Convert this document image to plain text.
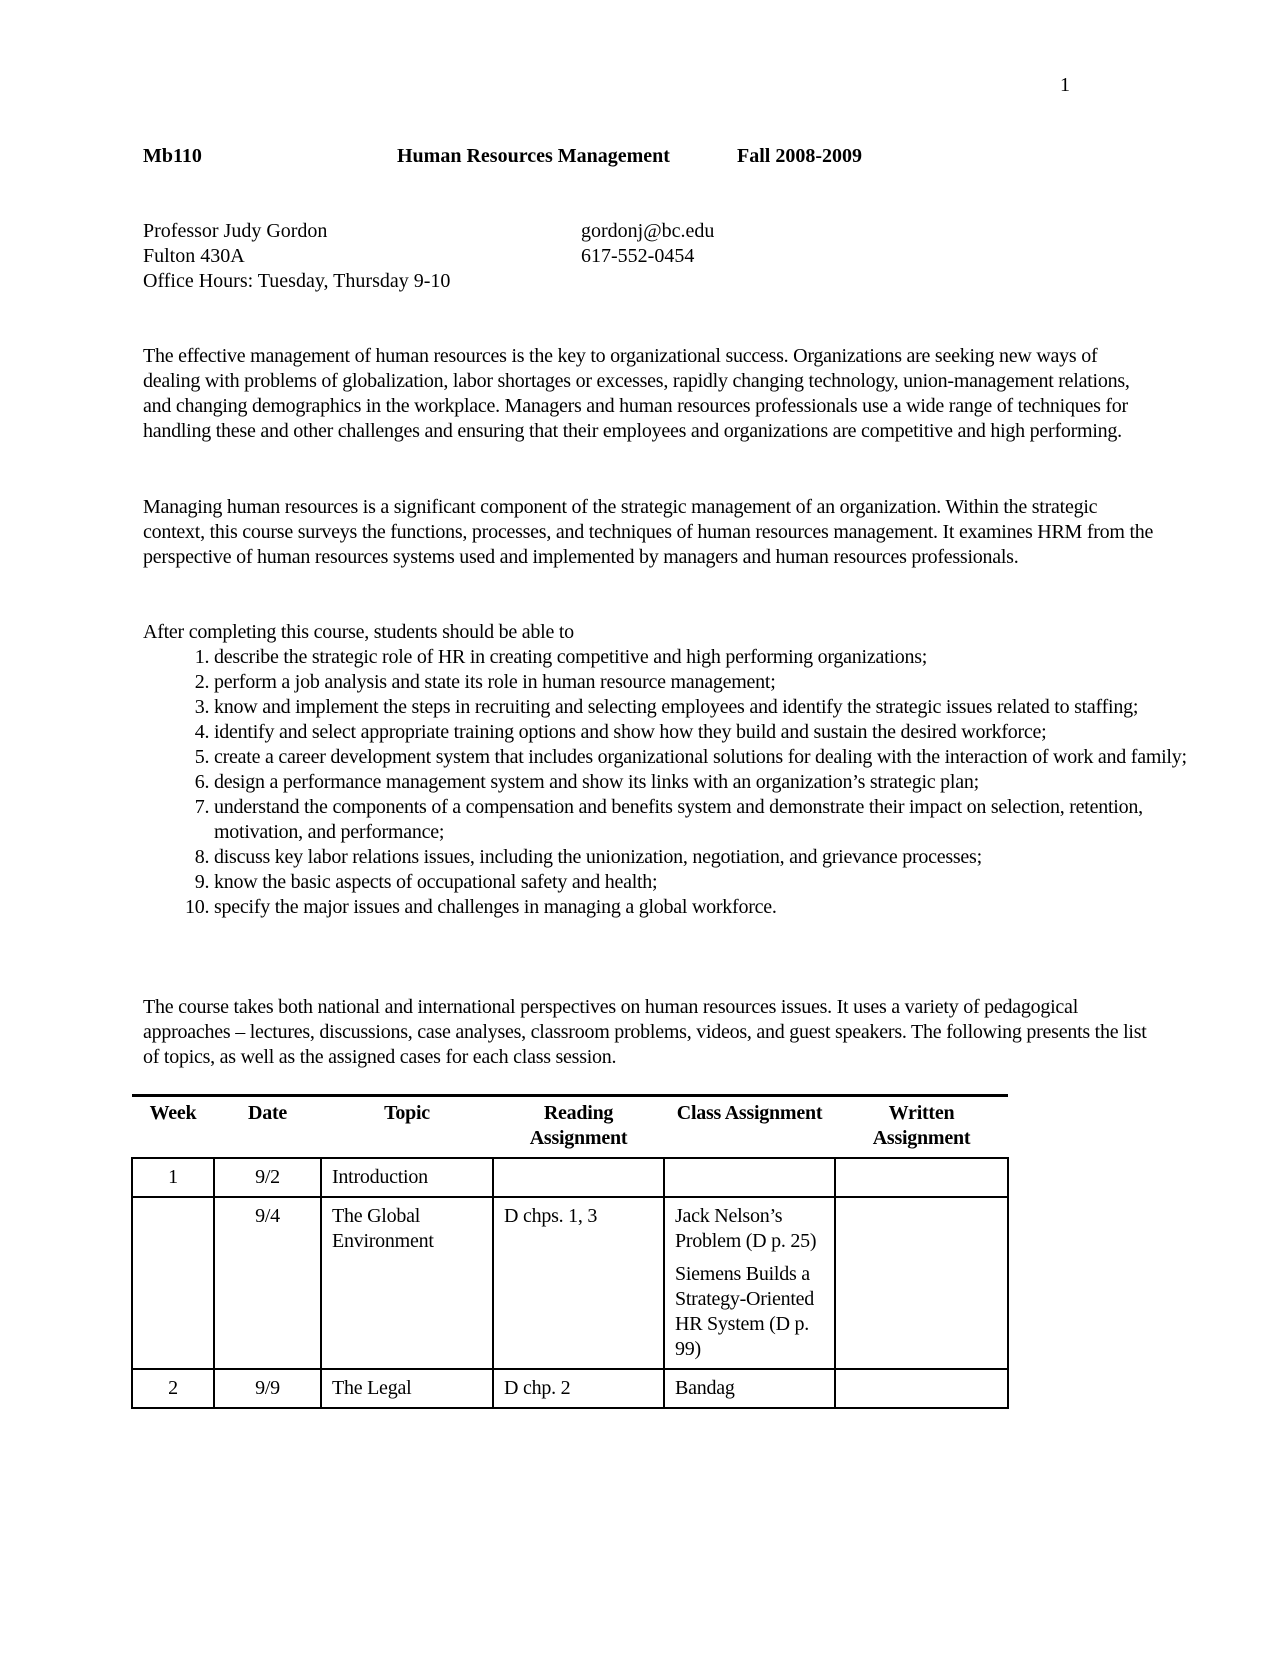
1
Mb110	Human Resources Management	Fall 2008-2009
Professor Judy Gordon
Fulton 430A
Office Hours: Tuesday, Thursday 9-10
gordonj@bc.edu
617-552-0454

The effective management of human resources is the key to organizational success. Organizations are seeking new ways of dealing with problems of globalization, labor shortages or excesses, rapidly changing technology, union-management relations, and changing demographics in the workplace. Managers and human resources professionals use a wide range of techniques for handling these and other challenges and ensuring that their employees and organizations are competitive and high performing.

Managing human resources is a significant component of the strategic management of an organization. Within the strategic context, this course surveys the functions, processes, and techniques of human resources management. It examines HRM from the perspective of human resources systems used and implemented by managers and human resources professionals.

After completing this course, students should be able to

1. describe the strategic role of HR in creating competitive and high performing organizations;
2. perform a job analysis and state its role in human resource management;
3. know and implement the steps in recruiting and selecting employees and identify the strategic issues related to staffing;
4. identify and select appropriate training options and show how they build and sustain the desired workforce;
5. create a career development system that includes organizational solutions for dealing with the interaction of work and family;
6. design a performance management system and show its links with an organization’s strategic plan;
7. understand the components of a compensation and benefits system and demonstrate their impact on selection, retention, motivation, and performance;
8. discuss key labor relations issues, including the unionization, negotiation, and grievance processes;
9. know the basic aspects of occupational safety and health;
10. specify the major issues and challenges in managing a global workforce.

The course takes both national and international perspectives on human resources issues. It uses a variety of pedagogical approaches – lectures, discussions, case analyses, classroom problems, videos, and guest speakers. The following presents the list of topics, as well as the assigned cases for each class session.

Week	Date	Topic	Reading Assignment	Class Assignment	Written Assignment
1	9/2	Introduction			
	9/4	The Global Environment	D chps. 1, 3	Jack Nelson’s Problem (D p. 25)
Siemens Builds a Strategy-Oriented HR System (D p. 99)	

2	9/9	The Legal	D chp. 2	Bandag	
